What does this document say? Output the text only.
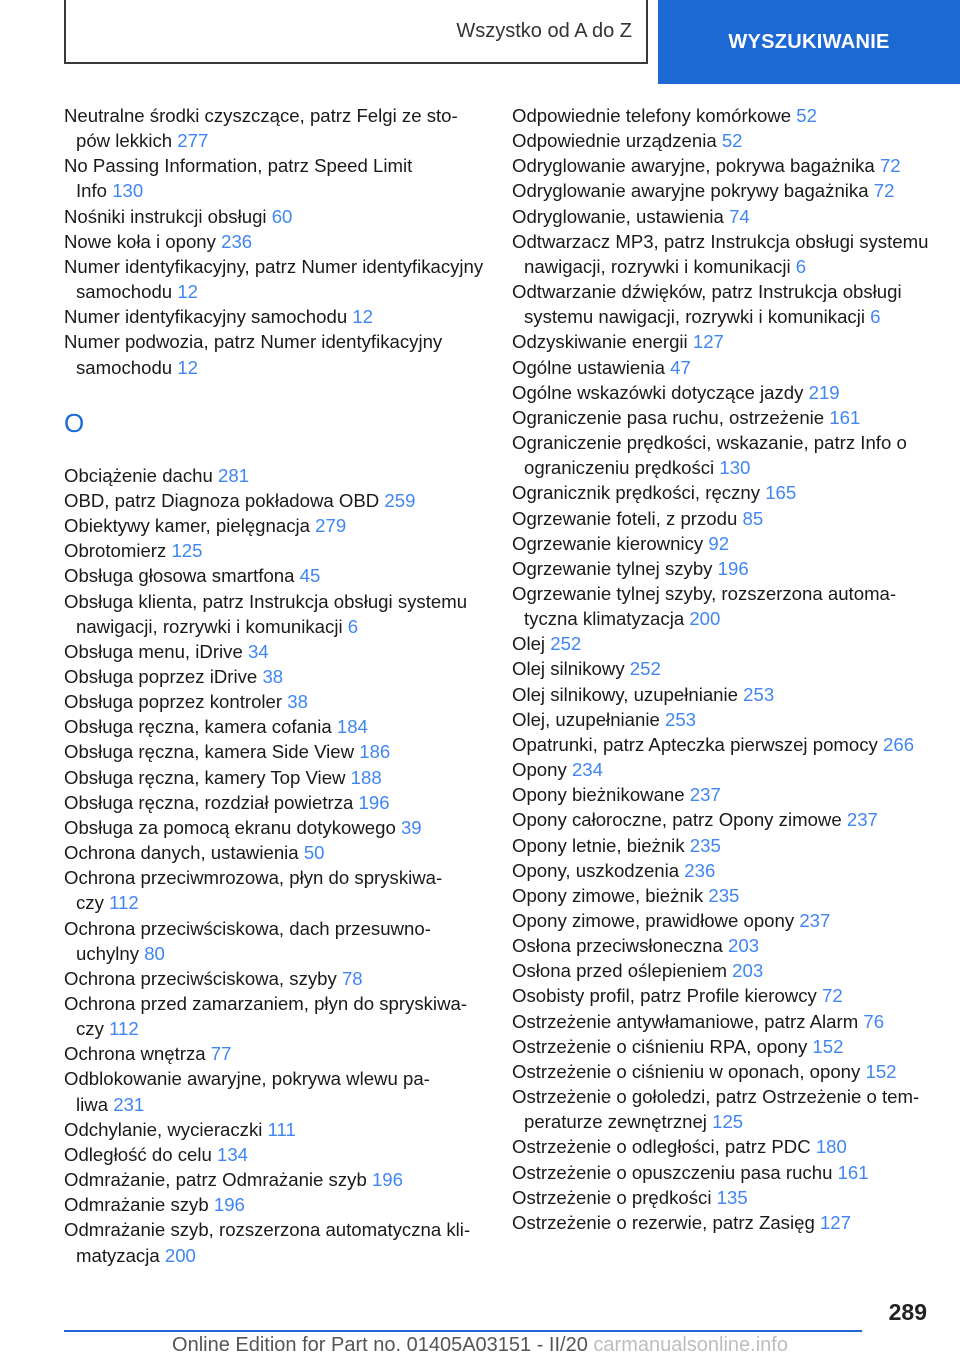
Wszystko od A do Z	WYSZUKIWANIE
Neutralne środki czyszczące, patrz Felgi ze stopów lekkich 277
No Passing Information, patrz Speed Limit Info 130
Nośniki instrukcji obsługi 60
Nowe koła i opony 236
Numer identyfikacyjny, patrz Numer identyfikacyjny samochodu 12
Numer identyfikacyjny samochodu 12
Numer podwozia, patrz Numer identyfikacyjny samochodu 12
O
Obciążenie dachu 281
OBD, patrz Diagnoza pokładowa OBD 259
Obiektywy kamer, pielęgnacja 279
Obrotomierz 125
Obsługa głosowa smartfona 45
Obsługa klienta, patrz Instrukcja obsługi systemu nawigacji, rozrywki i komunikacji 6
Obsługa menu, iDrive 34
Obsługa poprzez iDrive 38
Obsługa poprzez kontroler 38
Obsługa ręczna, kamera cofania 184
Obsługa ręczna, kamera Side View 186
Obsługa ręczna, kamery Top View 188
Obsługa ręczna, rozdział powietrza 196
Obsługa za pomocą ekranu dotykowego 39
Ochrona danych, ustawienia 50
Ochrona przeciwmrozowa, płyn do spryskiwaczy 112
Ochrona przeciwściskowa, dach przesuwnouchylny 80
Ochrona przeciwściskowa, szyby 78
Ochrona przed zamarzaniem, płyn do spryskiwaczy 112
Ochrona wnętrza 77
Odblokowanie awaryjne, pokrywa wlewu paliwa 231
Odchylanie, wycieraczki 111
Odległość do celu 134
Odmrażanie, patrz Odmrażanie szyb 196
Odmrażanie szyb 196
Odmrażanie szyb, rozszerzona automatyczna klimatyzacja 200
Odpowiednie telefony komórkowe 52
Odpowiednie urządzenia 52
Odryglowanie awaryjne, pokrywa bagażnika 72
Odryglowanie awaryjne pokrywy bagażnika 72
Odryglowanie, ustawienia 74
Odtwarzacz MP3, patrz Instrukcja obsługi systemu nawigacji, rozrywki i komunikacji 6
Odtwarzanie dźwięków, patrz Instrukcja obsługi systemu nawigacji, rozrywki i komunikacji 6
Odzyskiwanie energii 127
Ogólne ustawienia 47
Ogólne wskazówki dotyczące jazdy 219
Ograniczenie pasa ruchu, ostrzeżenie 161
Ograniczenie prędkości, wskazanie, patrz Info o ograniczeniu prędkości 130
Ogranicznik prędkości, ręczny 165
Ogrzewanie foteli, z przodu 85
Ogrzewanie kierownicy 92
Ogrzewanie tylnej szyby 196
Ogrzewanie tylnej szyby, rozszerzona automatyczna klimatyzacja 200
Olej 252
Olej silnikowy 252
Olej silnikowy, uzupełnianie 253
Olej, uzupełnianie 253
Opatrunki, patrz Apteczka pierwszej pomocy 266
Opony 234
Opony bieżnikowane 237
Opony całoroczne, patrz Opony zimowe 237
Opony letnie, bieżnik 235
Opony, uszkodzenia 236
Opony zimowe, bieżnik 235
Opony zimowe, prawidłowe opony 237
Osłona przeciwsłoneczna 203
Osłona przed oślepieniem 203
Osobisty profil, patrz Profile kierowcy 72
Ostrzeżenie antywłamaniowe, patrz Alarm 76
Ostrzeżenie o ciśnieniu RPA, opony 152
Ostrzeżenie o ciśnieniu w oponach, opony 152
Ostrzeżenie o gołoledzi, patrz Ostrzeżenie o temperaturze zewnętrznej 125
Ostrzeżenie o odległości, patrz PDC 180
Ostrzeżenie o opuszczeniu pasa ruchu 161
Ostrzeżenie o prędkości 135
Ostrzeżenie o rezerwie, patrz Zasięg 127
289
Online Edition for Part no. 01405A03151 - II/20 carmanualsonline.info
